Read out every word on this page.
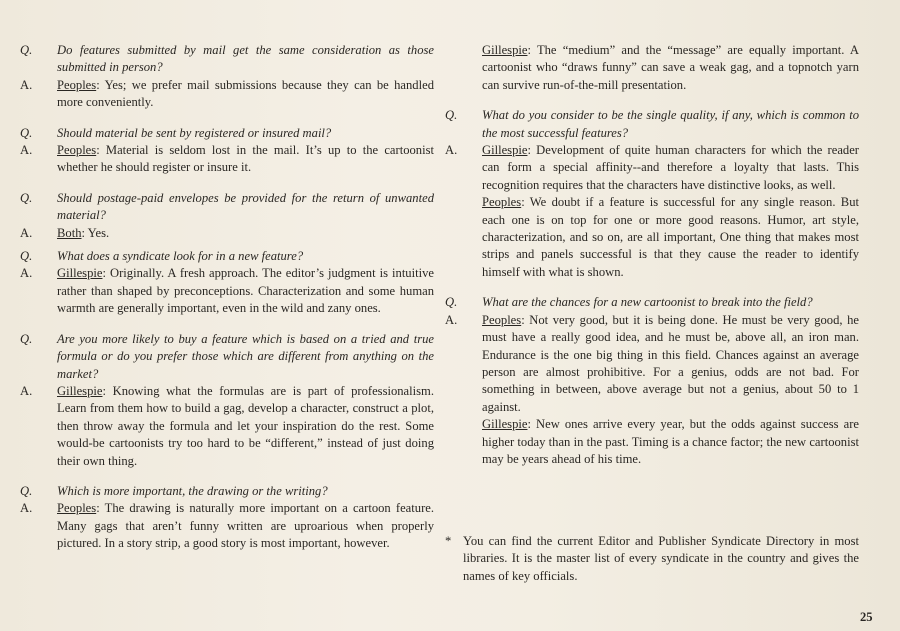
Q.	Do features submitted by mail get the same consideration as those submitted in person?
A.	Peoples: Yes; we prefer mail submissions because they can be handled more conveniently.
Q.	Should material be sent by registered or insured mail?
A.	Peoples: Material is seldom lost in the mail. It’s up to the cartoonist whether he should register or insure it.
Q.	Should postage-paid envelopes be provided for the return of unwanted material?
A.	Both: Yes.
Q.	What does a syndicate look for in a new feature?
A.	Gillespie: Originally. A fresh approach. The editor’s judgment is intuitive rather than shaped by preconceptions. Characterization and some human warmth are generally important, even in the wild and zany ones.
Q.	Are you more likely to buy a feature which is based on a tried and true formula or do you prefer those which are different from anything on the market?
A.	Gillespie: Knowing what the formulas are is part of professionalism. Learn from them how to build a gag, develop a character, construct a plot, then throw away the formula and let your inspiration do the rest. Some would-be cartoonists try too hard to be “different,” instead of just doing their own thing.
Q.	Which is more important, the drawing or the writing?
A.	Peoples: The drawing is naturally more important on a cartoon feature. Many gags that aren’t funny written are uproarious when properly pictured. In a story strip, a good story is most important, however.
Gillespie: The “medium” and the “message” are equally important. A cartoonist who “draws funny” can save a weak gag, and a topnotch yarn can survive run-of-the-mill presentation.
Q.	What do you consider to be the single quality, if any, which is common to the most successful features?
A.	Gillespie: Development of quite human characters for which the reader can form a special affinity--and therefore a loyalty that lasts. This recognition requires that the characters have distinctive looks, as well.
Peoples: We doubt if a feature is successful for any single reason. But each one is on top for one or more good reasons. Humor, art style, characterization, and so on, are all important, One thing that makes most strips and panels successful is that they cause the reader to identify himself with what is shown.
Q.	What are the chances for a new cartoonist to break into the field?
A.	Peoples: Not very good, but it is being done. He must be very good, he must have a really good idea, and he must be, above all, an iron man. Endurance is the one big thing in this field. Chances against an average person are almost prohibitive. For a genius, odds are not bad. For something in between, above average but not a genius, about 50 to 1 against.
Gillespie: New ones arrive every year, but the odds against success are higher today than in the past. Timing is a chance factor; the new cartoonist may be years ahead of his time.
* You can find the current Editor and Publisher Syndicate Directory in most libraries. It is the master list of every syndicate in the country and gives the names of key officials.
25
